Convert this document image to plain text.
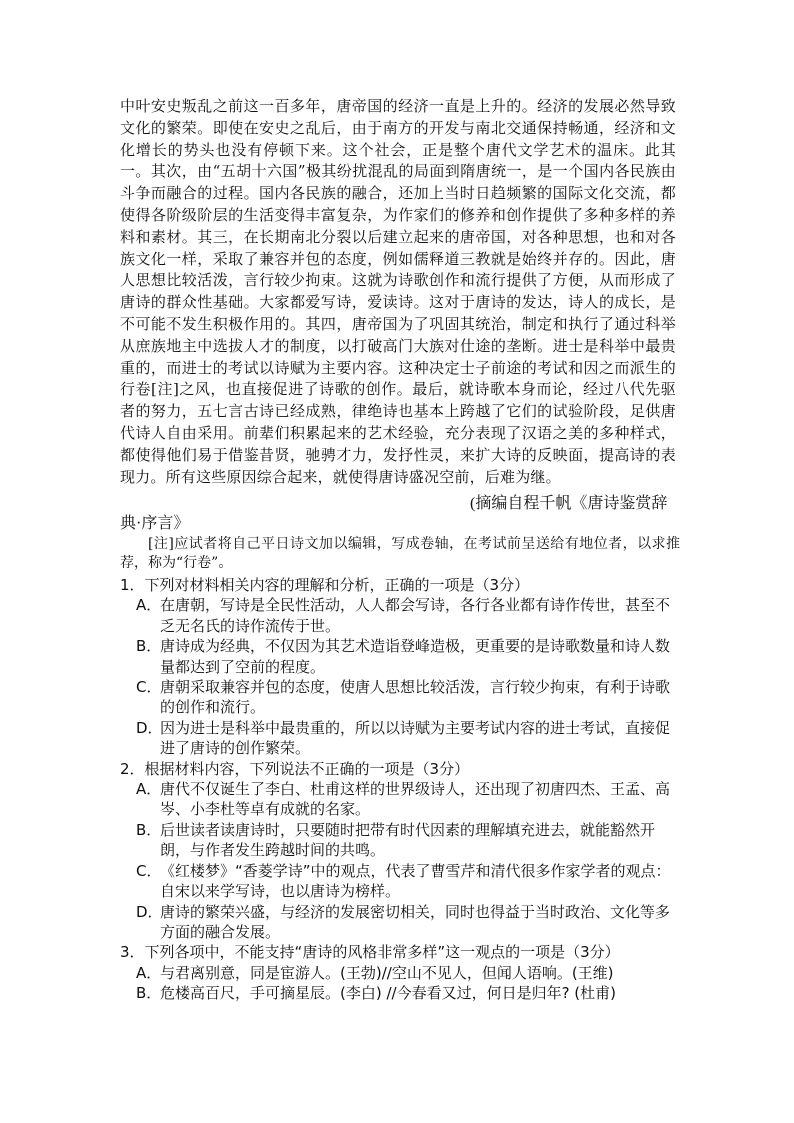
中叶安史叛乱之前这一百多年，唐帝国的经济一直是上升的。经济的发展必然导致文化的繁荣。即使在安史之乱后，由于南方的开发与南北交通保持畅通，经济和文化增长的势头也没有停顿下来。这个社会，正是整个唐代文学艺术的温床。此其一。其次，由“五胡十六国”极其纷扰混乱的局面到隋唐统一，是一个国内各民族由斗争而融合的过程。国内各民族的融合，还加上当时日趋频繁的国际文化交流，都使得各阶级阶层的生活变得丰富复杂，为作家们的修养和创作提供了多种多样的养料和素材。其三，在长期南北分裂以后建立起来的唐帝国，对各种思想，也和对各族文化一样，采取了兼容并包的态度，例如儒释道三教就是始终并存的。因此，唐人思想比较活泼，言行较少拘束。这就为诗歌创作和流行提供了方便，从而形成了唐诗的群众性基础。大家都爱写诗，爱读诗。这对于唐诗的发达，诗人的成长，是不可能不发生积极作用的。其四，唐帝国为了巩固其统治，制定和执行了通过科举从庶族地主中选拔人才的制度，以打破高门大族对仕途的垄断。进士是科举中最贵重的，而进士的考试以诗赋为主要内容。这种决定士子前途的考试和因之而派生的行卷[注]之风，也直接促进了诗歌的创作。最后，就诗歌本身而论，经过八代先驱者的努力，五七言古诗已经成熟，律绝诗也基本上跨越了它们的试验阶段，足供唐代诗人自由采用。前辈们积累起来的艺术经验，充分表现了汉语之美的多种样式，都使得他们易于借鉴昔贤，驰骋才力，发抒性灵，来扩大诗的反映面，提高诗的表现力。所有这些原因综合起来，就使得唐诗盛况空前，后难为继。
(摘编自程千帆《唐诗鉴赏辞
典·序言》
[注]应试者将自己平日诗文加以编辑，写成卷轴，在考试前呈送给有地位者，以求推荐，称为“行卷”。

1．下列对材料相关内容的理解和分析，正确的一项是（3分）

A．
在唐朝，写诗是全民性活动，人人都会写诗，各行各业都有诗作传世，甚至不乏无名氏的诗作流传于世。
B．
唐诗成为经典，不仅因为其艺术造诣登峰造极，更重要的是诗歌数量和诗人数量都达到了空前的程度。
C．
唐朝采取兼容并包的态度，使唐人思想比较活泼，言行较少拘束，有利于诗歌的创作和流行。
D．
因为进士是科举中最贵重的，所以以诗赋为主要考试内容的进士考试，直接促进了唐诗的创作繁荣。

2．根据材料内容，下列说法不正确的一项是（3分）

A．
唐代不仅诞生了李白、杜甫这样的世界级诗人，还出现了初唐四杰、王孟、高岑、小李杜等卓有成就的名家。
B．
后世读者读唐诗时，只要随时把带有时代因素的理解填充进去，就能豁然开朗，与作者发生跨越时间的共鸣。
C．
《红楼梦》“香菱学诗”中的观点，代表了曹雪芹和清代很多作家学者的观点：自宋以来学写诗，也以唐诗为榜样。
D．
唐诗的繁荣兴盛，与经济的发展密切相关，同时也得益于当时政治、文化等多方面的融合发展。

3．下列各项中，不能支持“唐诗的风格非常多样”这一观点的一项是（3分）

A．
与君离别意，同是宦游人。(王勃)//空山不见人，但闻人语响。(王维)
B．
危楼高百尺，手可摘星辰。(李白) //今春看又过，何日是归年? (杜甫)
